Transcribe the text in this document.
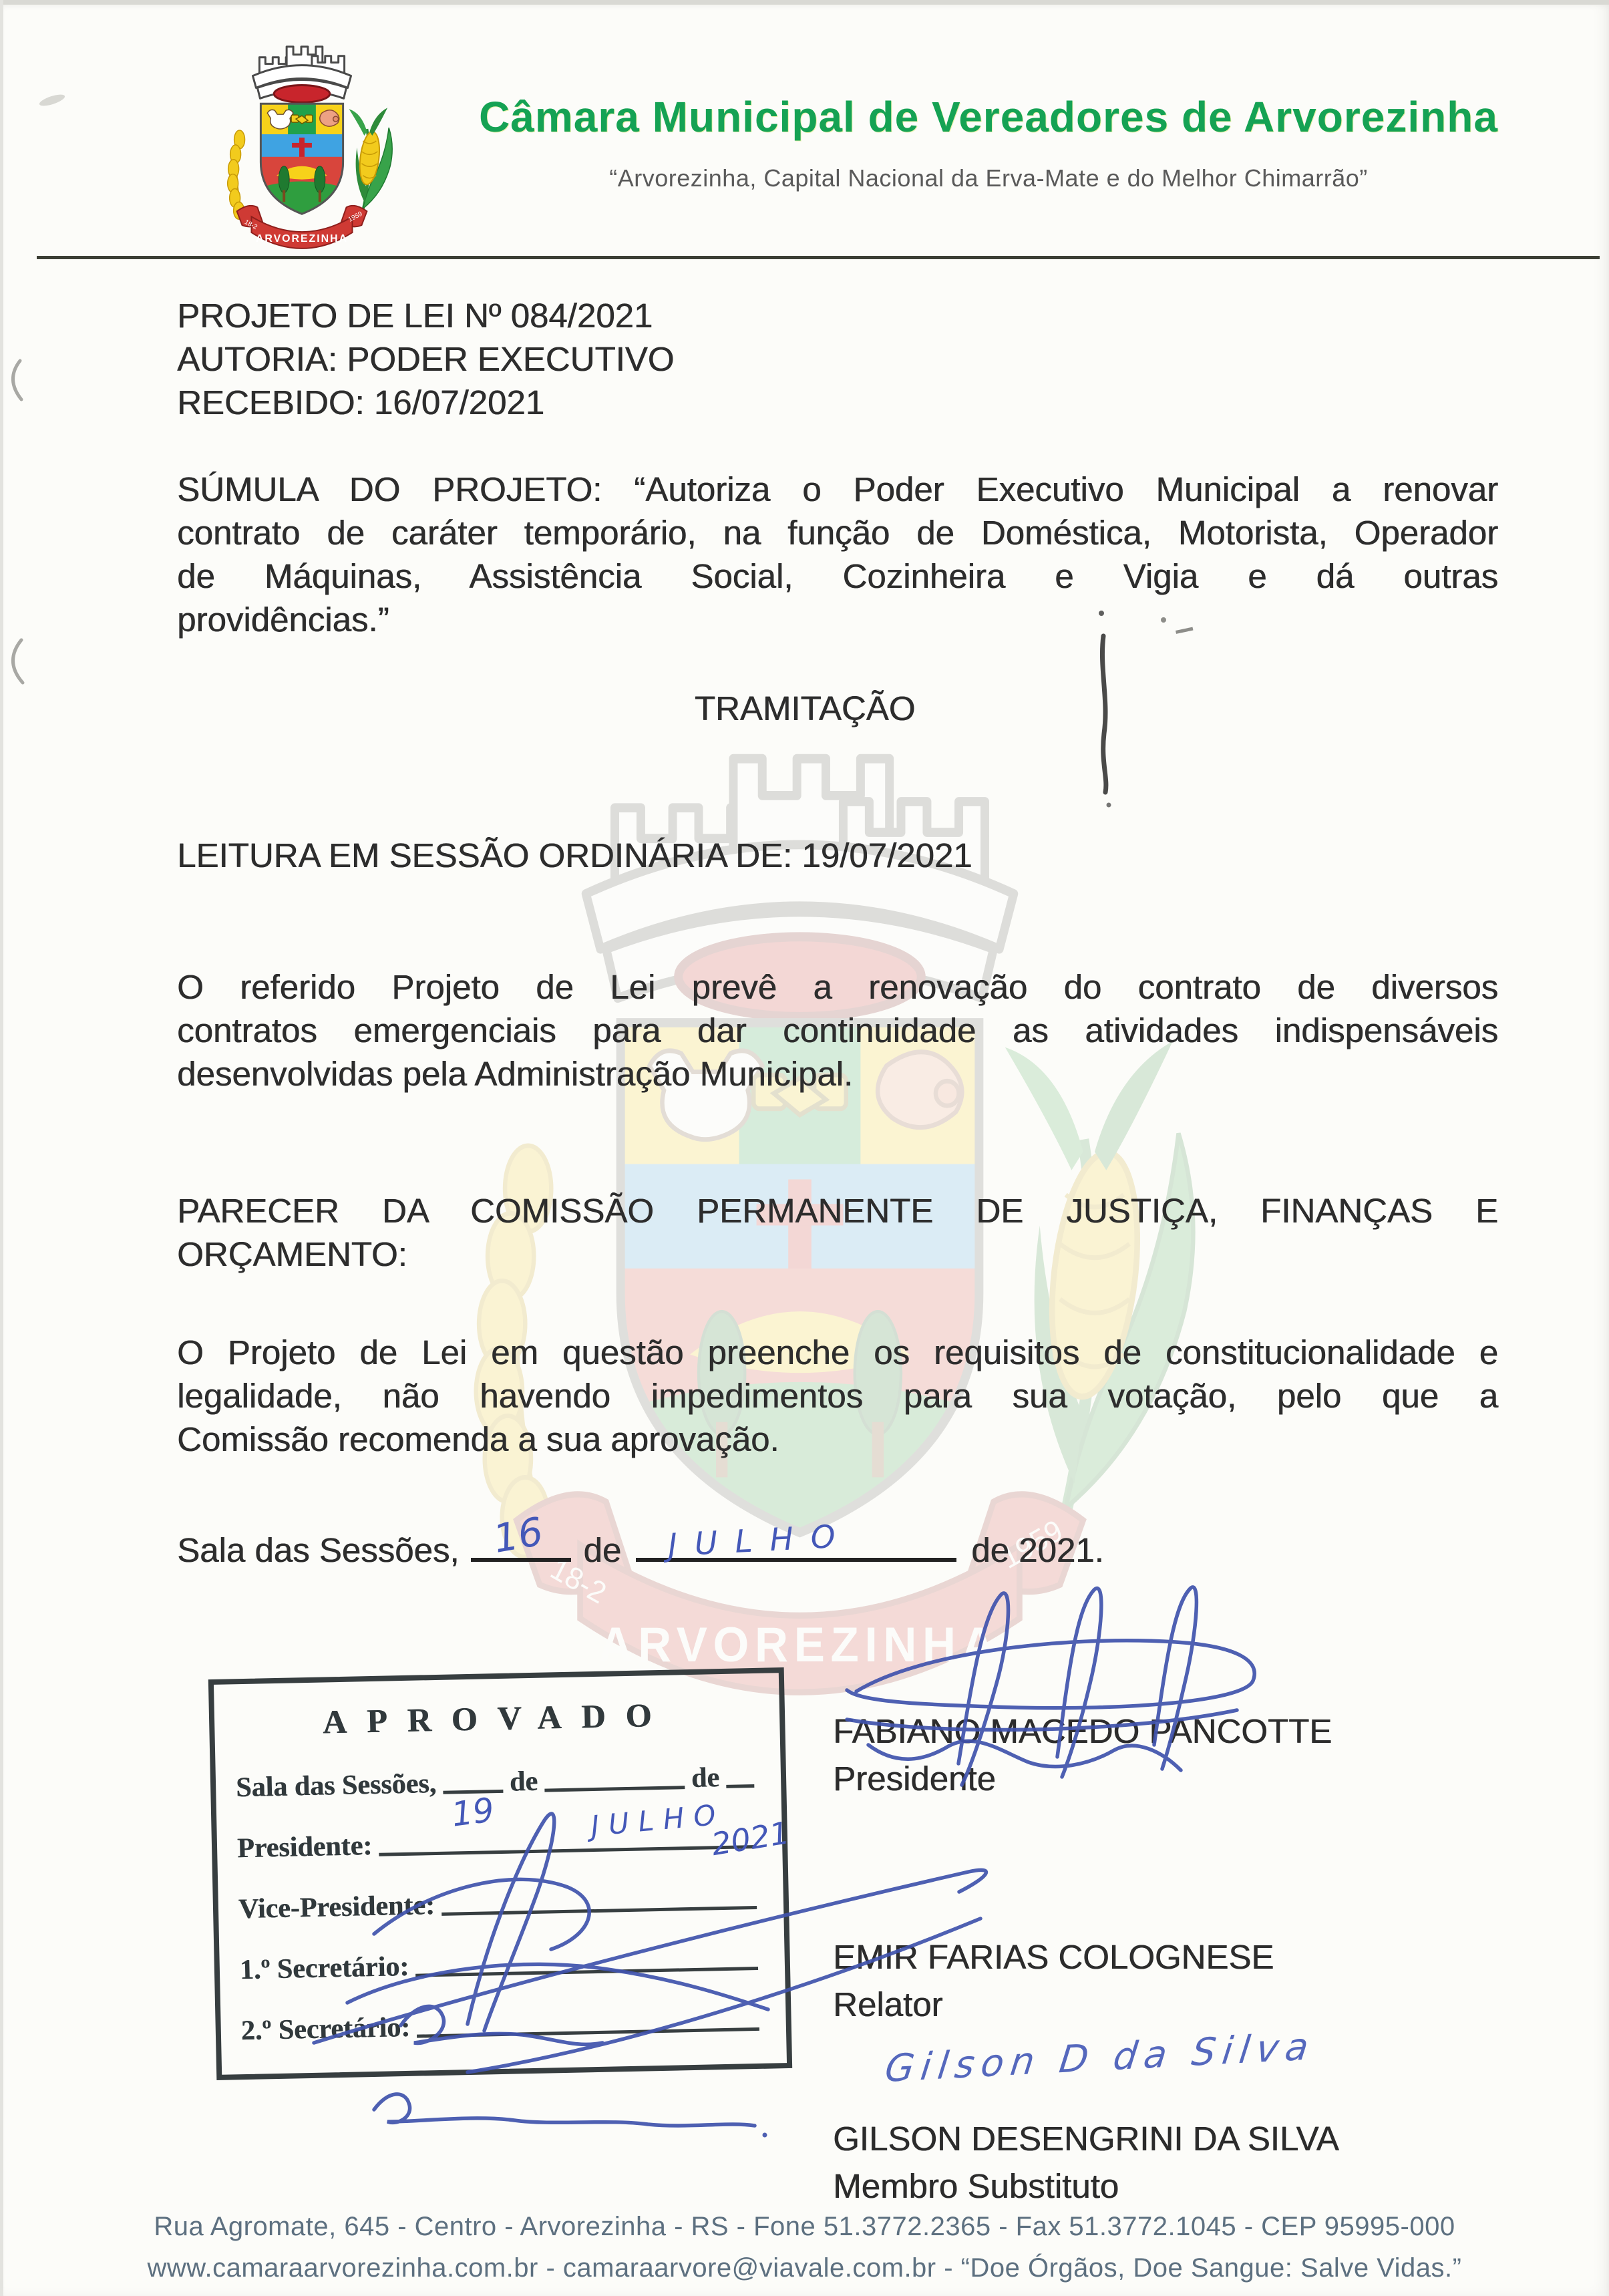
Câmara Municipal de Vereadores de Arvorezinha
“Arvorezinha, Capital Nacional da Erva-Mate e do Melhor Chimarrão”
PROJETO DE LEI Nº 084/2021
AUTORIA: PODER EXECUTIVO
RECEBIDO: 16/07/2021
SÚMULA DO PROJETO: “Autoriza o Poder Executivo Municipal a renovar
contrato de caráter temporário, na função de Doméstica, Motorista, Operador
de Máquinas, Assistência Social, Cozinheira e Vigia e dá outras
providências.”
TRAMITAÇÃO
LEITURA EM SESSÃO ORDINÁRIA DE: 19/07/2021
O referido Projeto de Lei prevê a renovação do contrato de diversos
contratos emergenciais para dar continuidade as atividades indispensáveis
desenvolvidas pela Administração Municipal.
PARECER DA COMISSÃO PERMANENTE DE JUSTIÇA, FINANÇAS E
ORÇAMENTO:
O Projeto de Lei em questão preenche os requisitos de constitucionalidade e
legalidade, não havendo impedimentos para sua votação, pelo que a
Comissão recomenda a sua aprovação.
Sala das Sessões, 16 de JULHO	de 2021.
APROVADO
Sala das Sessões,	de	de
Presidente:
Vice-Presidente:
1.º Secretário:
2.º Secretário:
19	JULHO
2021
FABIANO MACEDO PANCOTTE
Presidente
EMIR FARIAS COLOGNESE
Relator
Gilson D da Silva
GILSON DESENGRINI DA SILVA
Membro Substituto
Rua Agromate, 645 - Centro - Arvorezinha - RS - Fone 51.3772.2365 - Fax 51.3772.1045 - CEP 95995-000
www.camaraarvorezinha.com.br - camaraarvore@viavale.com.br - “Doe Órgãos, Doe Sangue: Salve Vidas.”
